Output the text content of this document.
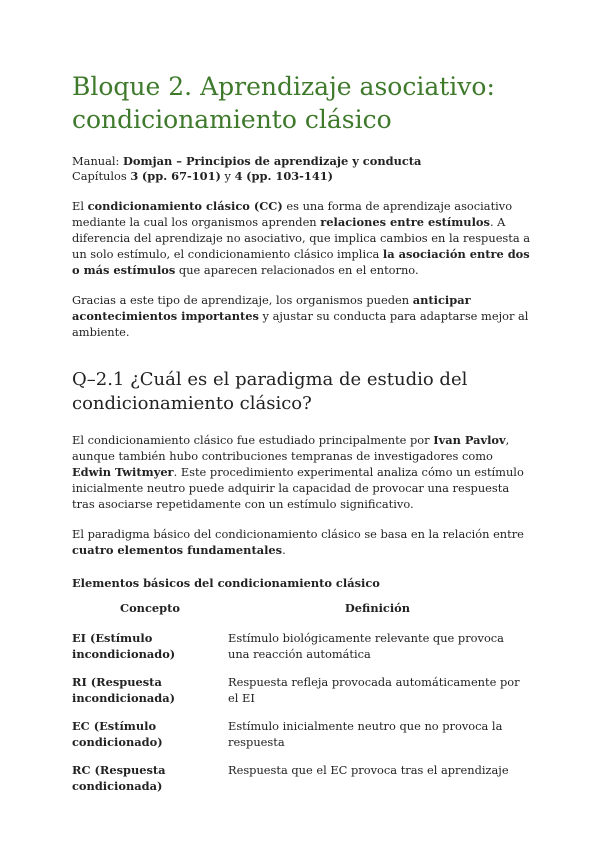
Bloque 2. Aprendizaje asociativo:
condicionamiento clásico
Manual: Domjan – Principios de aprendizaje y conducta
Capítulos 3 (pp. 67-101) y 4 (pp. 103-141)

El condicionamiento clásico (CC) es una forma de aprendizaje asociativo mediante la cual los organismos aprenden relaciones entre estímulos. A diferencia del aprendizaje no asociativo, que implica cambios en la respuesta a un solo estímulo, el condicionamiento clásico implica la asociación entre dos o más estímulos que aparecen relacionados en el entorno.

Gracias a este tipo de aprendizaje, los organismos pueden anticipar acontecimientos importantes y ajustar su conducta para adaptarse mejor al ambiente.

Q–2.1 ¿Cuál es el paradigma de estudio del
condicionamiento clásico?

El condicionamiento clásico fue estudiado principalmente por Ivan Pavlov, aunque también hubo contribuciones tempranas de investigadores como Edwin Twitmyer. Este procedimiento experimental analiza cómo un estímulo inicialmente neutro puede adquirir la capacidad de provocar una respuesta tras asociarse repetidamente con un estímulo significativo.

El paradigma básico del condicionamiento clásico se basa en la relación entre cuatro elementos fundamentales.

Elementos básicos del condicionamiento clásico
Concepto	Definición
EI (Estímulo incondicionado)	Estímulo biológicamente relevante que provoca una reacción automática
RI (Respuesta incondicionada)	Respuesta refleja provocada automáticamente por el EI
EC (Estímulo condicionado)	Estímulo inicialmente neutro que no provoca la respuesta
RC (Respuesta condicionada)	Respuesta que el EC provoca tras el aprendizaje
